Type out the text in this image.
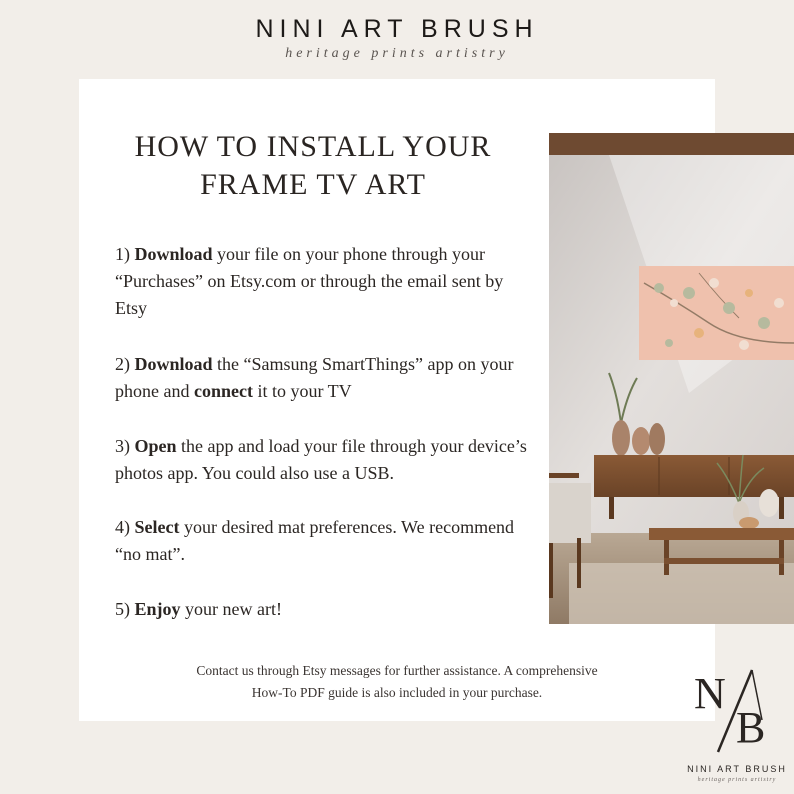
NINI ART BRUSH
heritage prints artistry
HOW TO INSTALL YOUR
FRAME TV ART

1) Download your file on your phone through your “Purchases” on Etsy.com or through the email sent by Etsy

2) Download the “Samsung SmartThings” app on your phone and connect it to your TV

3) Open the app and load your file through your device’s photos app. You could also use a USB.

4) Select your desired mat preferences. We recommend “no mat”.

5) Enjoy your new art!

Contact us through Etsy messages for further assistance. A comprehensive
How-To PDF guide is also included in your purchase.	N
B
NINI ART BRUSH
heritage prints artistry
